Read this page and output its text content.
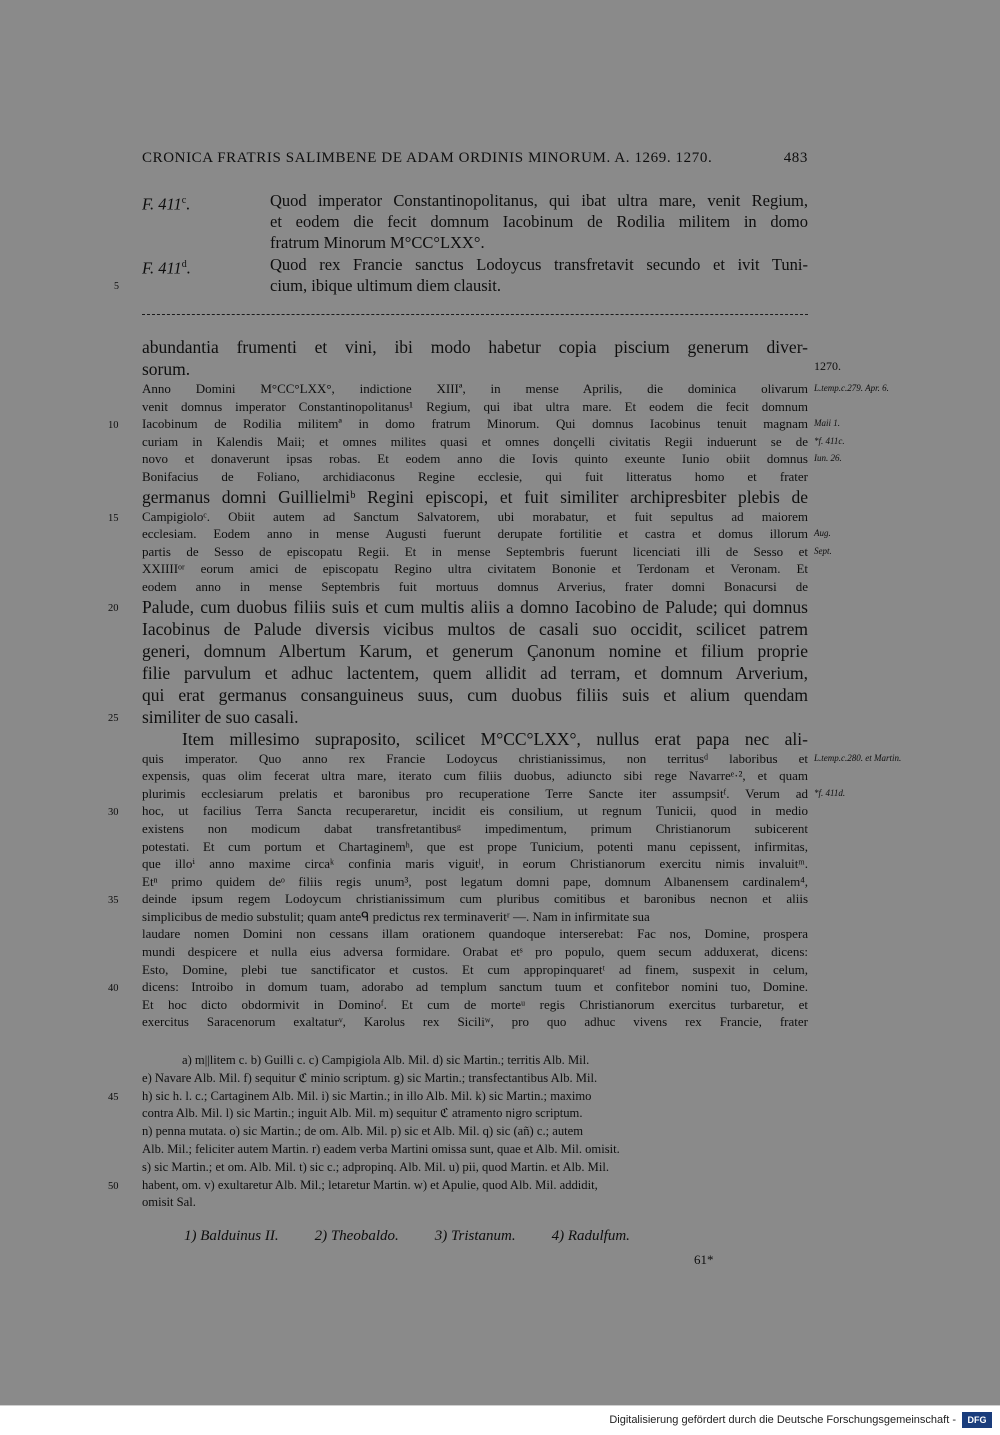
CRONICA FRATRIS SALIMBENE DE ADAM ORDINIS MINORUM. A. 1269. 1270.	483
F. 411$^c$.	Quod imperator Constantinopolitanus, qui ibat ultra mare, venit Regium,
et eodem die fecit domnum Iacobinum de Rodilia militem in domo
fratrum Minorum M°CC°LXX°.
F. 411$^d$.	Quod rex Francie sanctus Lodoycus transfretavit secundo et ivit Tuni-
cium, ibique ultimum diem clausit.
5
abundantia frumenti et vini, ibi modo habetur copia piscium generum diver-
sorum.	1270.
Anno Domini M°CC°LXX°, indictione XIIIª, in mense Aprilis, die dominica olivarum L.temp.c.279. Apr. 6.
venit domnus imperator Constantinopolitanus¹ Regium, qui ibat ultra mare. Et eodem die fecit domnum
Iacobinum de Rodilia militemª in domo fratrum Minorum. Qui domnus Iacobinus tenuit magnam
10	Maii 1.
curiam in Kalendis Maii; et omnes milites quasi et omnes donçelli civitatis Regii induerunt se de *f. 411c.
novo et donaverunt ipsas robas. Et eodem anno die Iovis quinto exeunte Iunio obiit domnus Iun. 26.
Bonifacius de Foliano, archidiaconus Regine ecclesie, qui fuit litteratus homo et frater
germanus domni Guillielmiᵇ Regini episcopi, et fuit similiter archipresbiter plebis de
Campigioloᶜ. Obiit autem ad Sanctum Salvatorem, ubi morabatur, et fuit sepultus ad maiorem
15
ecclesiam. Eodem anno in mense Augusti fuerunt derupate fortilitie et castra et domus illorum Aug.
partis de Sesso de episcopatu Regii. Et in mense Septembris fuerunt licenciati illi de Sesso et Sept.
XXIIIIᵒʳ eorum amici de episcopatu Regino ultra civitatem Bononie et Terdonam et Veronam. Et
eodem anno in mense Septembris fuit mortuus domnus Arverius, frater domni Bonacursi de
Palude, cum duobus filiis suis et cum multis aliis a domno Iacobino de Palude; qui domnus
20
Iacobinus de Palude diversis vicibus multos de casali suo occidit, scilicet patrem
generi, domnum Albertum Karum, et generum Çanonum nomine et filium proprie
filie parvulum et adhuc lactentem, quem allidit ad terram, et domnum Arverium,
qui erat germanus consanguineus suus, cum duobus filiis suis et alium quendam
similiter de suo casali.
25
Item millesimo supraposito, scilicet M°CC°LXX°, nullus erat papa nec ali-
quis imperator. Quo anno rex Francie Lodoycus christianissimus, non territusᵈ laboribus et L.temp.c.280. et Martin.
expensis, quas olim fecerat ultra mare, iterato cum filiis duobus, adiuncto sibi rege Navarreᵉ·², et quam
plurimis ecclesiarum prelatis et baronibus pro recuperatione Terre Sancte iter assumpsitᶠ. Verum ad *f. 411d.
hoc, ut facilius Terra Sancta recuperaretur, incidit eis consilium, ut regnum Tunicii, quod in medio
30
existens non modicum dabat transfretantibusᵍ impedimentum, primum Christianorum subicerent
potestati. Et cum portum et Chartaginemʰ, que est prope Tunicium, potenti manu cepissent, infirmitas,
que illoⁱ anno maxime circaᵏ confinia maris viguitˡ, in eorum Christianorum exercitu nimis invaluitᵐ.
Etⁿ primo quidem deᵒ filiis regis unum³, post legatum domni pape, domnum Albanensem cardinalem⁴,
deinde ipsum regem Lodoycum christianissimum cum pluribus comitibus et baronibus necnon et aliis
35
simplicibus de medio substulit; quam anteᑫ predictus rex terminaveritʳ —. Nam in infirmitate sua
laudare nomen Domini non cessans illam orationem quandoque interserebat: Fac nos, Domine, prospera
mundi despicere et nulla eius adversa formidare. Orabat etˢ pro populo, quem secum adduxerat, dicens:
Esto, Domine, plebi tue sanctificator et custos. Et cum appropinquaretᵗ ad finem, suspexit in celum,
dicens: Introibo in domum tuam, adorabo ad templum sanctum tuum et confitebor nomini tuo, Domine.
40
Et hoc dicto obdormivit in Dominoᶠ. Et cum de morteᵘ regis Christianorum exercitus turbaretur, et
exercitus Saracenorum exaltaturᵛ, Karolus rex Siciliʷ, pro quo adhuc vivens rex Francie, frater
a) m||litem c. b) Guilli c. c) Campigiola Alb. Mil. d) sic Martin.; territis Alb. Mil.
e) Navare Alb. Mil. f) sequitur ℭ minio scriptum. g) sic Martin.; transfectantibus Alb. Mil.
h) sic h. l. c.; Cartaginem Alb. Mil. i) sic Martin.; in illo Alb. Mil. k) sic Martin.; maximo
45
contra Alb. Mil. l) sic Martin.; inguit Alb. Mil. m) sequitur ℭ atramento nigro scriptum.
n) penna mutata. o) sic Martin.; de om. Alb. Mil. p) sic et Alb. Mil. q) sic (añ) c.; autem
Alb. Mil.; feliciter autem Martin. r) eadem verba Martini omissa sunt, quae et Alb. Mil. omisit.
s) sic Martin.; et om. Alb. Mil. t) sic c.; adpropinq. Alb. Mil. u) pii, quod Martin. et Alb. Mil.
habent, om. v) exultaretur Alb. Mil.; letaretur Martin. w) et Apulie, quod Alb. Mil. addidit,
50
omisit Sal.
1) Balduinus II. 2) Theobaldo. 3) Tristanum. 4) Radulfum.
61*
Digitalisierung gefördert durch die Deutsche Forschungsgemeinschaft -	DFG
